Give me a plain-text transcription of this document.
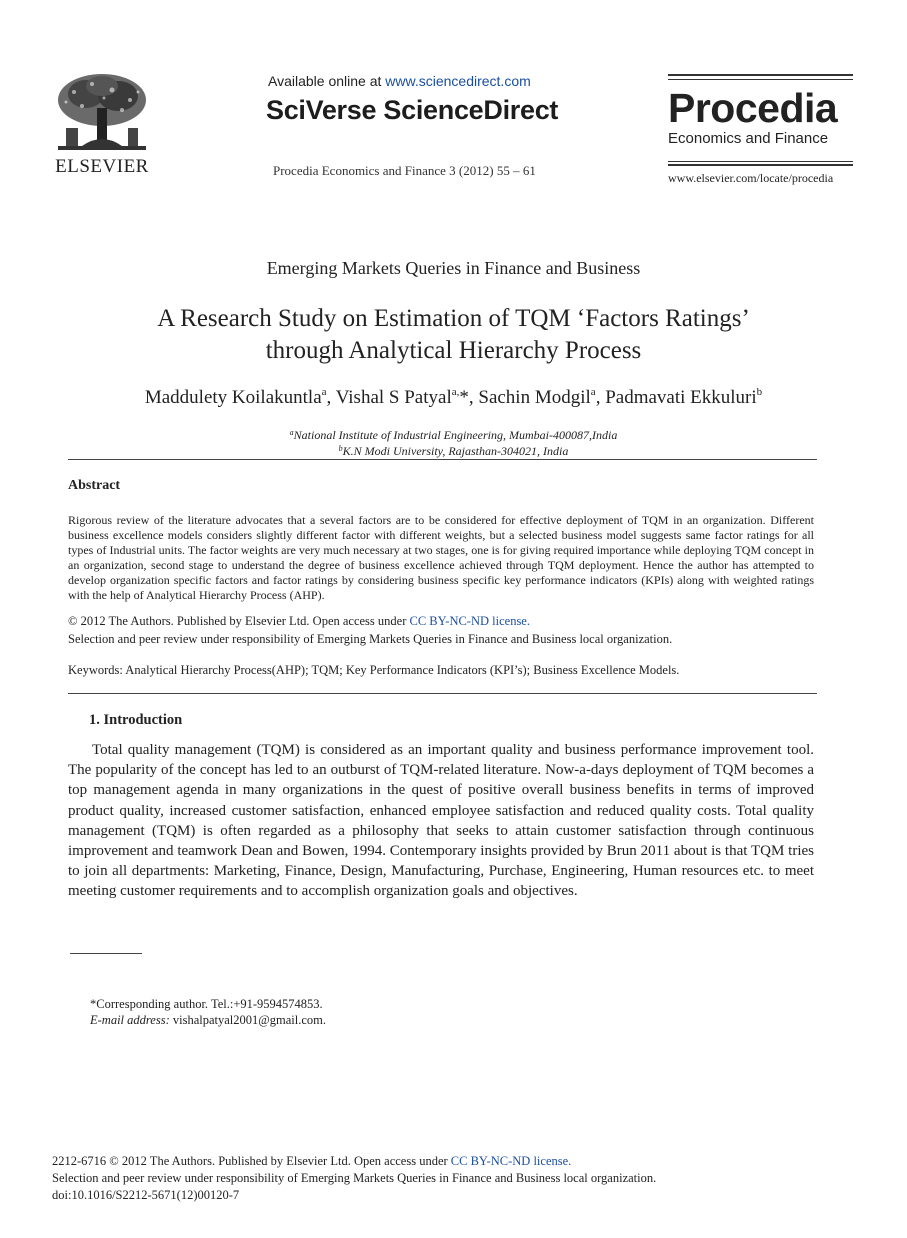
ELSEVIER
Available online at www.sciencedirect.com
SciVerse ScienceDirect
Procedia Economics and Finance 3 (2012) 55 – 61
Procedia
Economics and Finance
www.elsevier.com/locate/procedia
Emerging Markets Queries in Finance and Business
A Research Study on Estimation of TQM ‘Factors Ratings’
through Analytical Hierarchy Process
Maddulety Koilakuntla$^a$, Vishal S Patyal$^{a,}$*, Sachin Modgil$^a$, Padmavati Ekkuluri$^b$
$^a$National Institute of Industrial Engineering, Mumbai-400087,India
$^b$K.N Modi University, Rajasthan-304021, India
Abstract
Rigorous review of the literature advocates that a several factors are to be considered for effective deployment of TQM in an organization. Different business excellence models considers slightly different factor with different weights, but a selected business model suggests same factor ratings for all types of Industrial units. The factor weights are very much necessary at two stages, one is for giving required importance while deploying TQM concept in an organization, second stage to understand the degree of business excellence achieved through TQM deployment. Hence the author has attempted to develop organization specific factors and factor ratings by considering business specific key performance indicators (KPIs) along with weighted ratings with the help of Analytical Hierarchy Process (AHP).
© 2012 The Authors. Published by Elsevier Ltd. Open access under CC BY-NC-ND license.
Selection and peer review under responsibility of Emerging Markets Queries in Finance and Business local organization.
Keywords: Analytical Hierarchy Process(AHP); TQM; Key Performance Indicators (KPI’s); Business Excellence Models.
1. Introduction
Total quality management (TQM) is considered as an important quality and business performance improvement tool. The popularity of the concept has led to an outburst of TQM-related literature. Now-a-days deployment of TQM becomes a top management agenda in many organizations in the quest of positive overall business benefits in terms of improved product quality, increased customer satisfaction, enhanced employee satisfaction and reduced quality costs. Total quality management (TQM) is often regarded as a philosophy that seeks to attain customer satisfaction through continuous improvement and teamwork Dean and Bowen, 1994. Contemporary insights provided by Brun 2011 about is that TQM tries to join all departments: Marketing, Finance, Design, Manufacturing, Purchase, Engineering, Human resources etc. to meet meeting customer requirements and to accomplish organization goals and objectives.
*Corresponding author. Tel.:+91-9594574853.
E-mail address: vishalpatyal2001@gmail.com.
2212-6716 © 2012 The Authors. Published by Elsevier Ltd. Open access under CC BY-NC-ND license.
Selection and peer review under responsibility of Emerging Markets Queries in Finance and Business local organization.
doi:10.1016/S2212-5671(12)00120-7
